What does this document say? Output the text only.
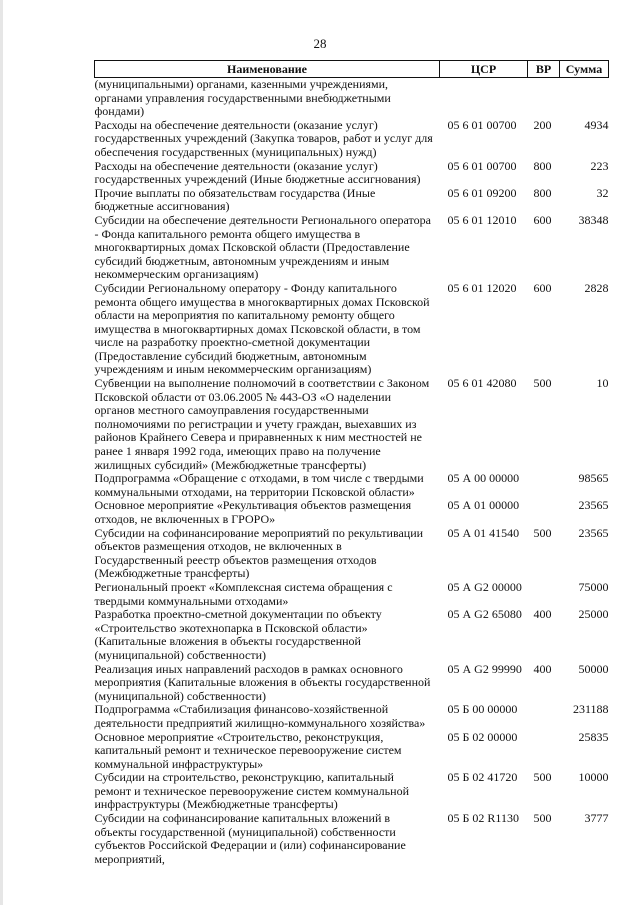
28
Наименование	ЦСР	ВР	Сумма
(муниципальными) органами, казенными учреждениями, органами управления государственными внебюджетными фондами)			
Расходы на обеспечение деятельности (оказание услуг) государственных учреждений (Закупка товаров, работ и услуг для обеспечения государственных (муниципальных) нужд)	05 6 01 00700	200	4934
Расходы на обеспечение деятельности (оказание услуг) государственных учреждений (Иные бюджетные ассигнования)	05 6 01 00700	800	223
Прочие выплаты по обязательствам государства (Иные бюджетные ассигнования)	05 6 01 09200	800	32
Субсидии на обеспечение деятельности Регионального оператора - Фонда капитального ремонта общего имущества в многоквартирных домах Псковской области (Предоставление субсидий бюджетным, автономным учреждениям и иным некоммерческим организациям)	05 6 01 12010	600	38348
Субсидии Региональному оператору - Фонду капитального ремонта общего имущества в многоквартирных домах Псковской области на мероприятия по капитальному ремонту общего имущества в многоквартирных домах Псковской области, в том числе на разработку проектно-сметной документации (Предоставление субсидий бюджетным, автономным учреждениям и иным некоммерческим организациям)	05 6 01 12020	600	2828
Субвенции на выполнение полномочий в соответствии с Законом Псковской области от 03.06.2005 № 443-ОЗ «О наделении органов местного самоуправления государственными полномочиями по регистрации и учету граждан, выехавших из районов Крайнего Севера и приравненных к ним местностей не ранее 1 января 1992 года, имеющих право на получение жилищных субсидий» (Межбюджетные трансферты)	05 6 01 42080	500	10
Подпрограмма «Обращение с отходами, в том числе с твердыми коммунальными отходами, на территории Псковской области»	05 А 00 00000		98565
Основное мероприятие «Рекультивация объектов размещения отходов, не включенных в ГРОРО»	05 А 01 00000		23565
Субсидии на софинансирование мероприятий по рекультивации объектов размещения отходов, не включенных в Государственный реестр объектов размещения отходов (Межбюджетные трансферты)	05 А 01 41540	500	23565
Региональный проект «Комплексная система обращения с твердыми коммунальными отходами»	05 А G2 00000		75000
Разработка проектно-сметной документации по объекту «Строительство экотехнопарка в Псковской области» (Капитальные вложения в объекты государственной (муниципальной) собственности)	05 А G2 65080	400	25000
Реализация иных направлений расходов в рамках основного мероприятия (Капитальные вложения в объекты государственной (муниципальной) собственности)	05 А G2 99990	400	50000
Подпрограмма «Стабилизация финансово-хозяйственной деятельности предприятий жилищно-коммунального хозяйства»	05 Б 00 00000		231188
Основное мероприятие «Строительство, реконструкция, капитальный ремонт и техническое перевооружение систем коммунальной инфраструктуры»	05 Б 02 00000		25835
Субсидии на строительство, реконструкцию, капитальный ремонт и техническое перевооружение систем коммунальной инфраструктуры (Межбюджетные трансферты)	05 Б 02 41720	500	10000
Субсидии на софинансирование капитальных вложений в объекты государственной (муниципальной) собственности субъектов Российской Федерации и (или) софинансирование мероприятий,	05 Б 02 R1130	500	3777
